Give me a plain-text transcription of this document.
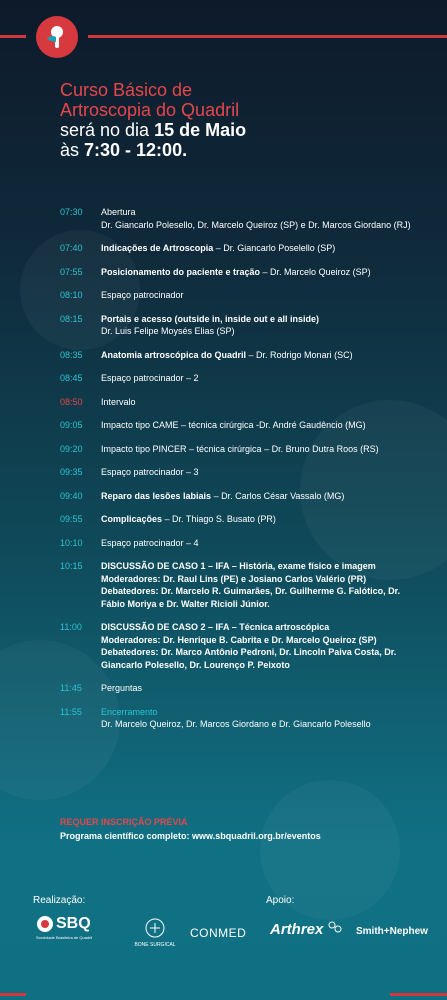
Curso Básico de
Artroscopia do Quadril
será no dia 15 de Maio
às 7:30 - 12:00.
07:30	Abertura
Dr. Giancarlo Polesello, Dr. Marcelo Queiroz (SP) e Dr. Marcos Giordano (RJ)
07:40	Indicações de Artroscopia – Dr. Giancarlo Poselello (SP)
07:55	Posicionamento do paciente e tração – Dr. Marcelo Queiroz (SP)
08:10	Espaço patrocinador
08:15	Portais e acesso (outside in, inside out e all inside)
Dr. Luis Felipe Moysés Elias (SP)
08:35	Anatomia artroscópica do Quadril – Dr. Rodrigo Monari (SC)
08:45	Espaço patrocinador – 2
08:50	Intervalo
09:05	Impacto tipo CAME – técnica cirúrgica -Dr. André Gaudêncio (MG)
09:20	Impacto tipo PINCER – técnica cirúrgica – Dr. Bruno Dutra Roos (RS)
09:35	Espaço patrocinador – 3
09:40	Reparo das lesões labiais – Dr. Carlos César Vassalo (MG)
09:55	Complicações – Dr. Thiago S. Busato (PR)
10:10	Espaço patrocinador – 4
10:15	DISCUSSÃO DE CASO 1 – IFA – História, exame físico e imagem
Moderadores: Dr. Raul Lins (PE) e Josiano Carlos Valério (PR)
Debatedores: Dr. Marcelo R. Guimarães, Dr. Guilherme G. Falótico, Dr. Fábio Moriya e Dr. Walter Ricioli Júnior.
11:00	DISCUSSÃO DE CASO 2 – IFA – Técnica artroscópica
Moderadores: Dr. Henrique B. Cabrita e Dr. Marcelo Queiroz (SP)
Debatedores: Dr. Marco Antônio Pedroni, Dr. Lincoln Paiva Costa, Dr. Giancarlo Polesello, Dr. Lourenço P. Peixoto
11:45	Perguntas
11:55	Encerramento
Dr. Marcelo Queiroz, Dr. Marcos Giordano e Dr. Giancarlo Polesello
REQUER INSCRIÇÃO PRÉVIA
Programa científico completo: www.sbquadril.org.br/eventos
Realização:
SBQ
Sociedade Brasileira de Quadril
BONE SURGICAL
CONMED
Apoio:
Arthrex	Smith+Nephew
